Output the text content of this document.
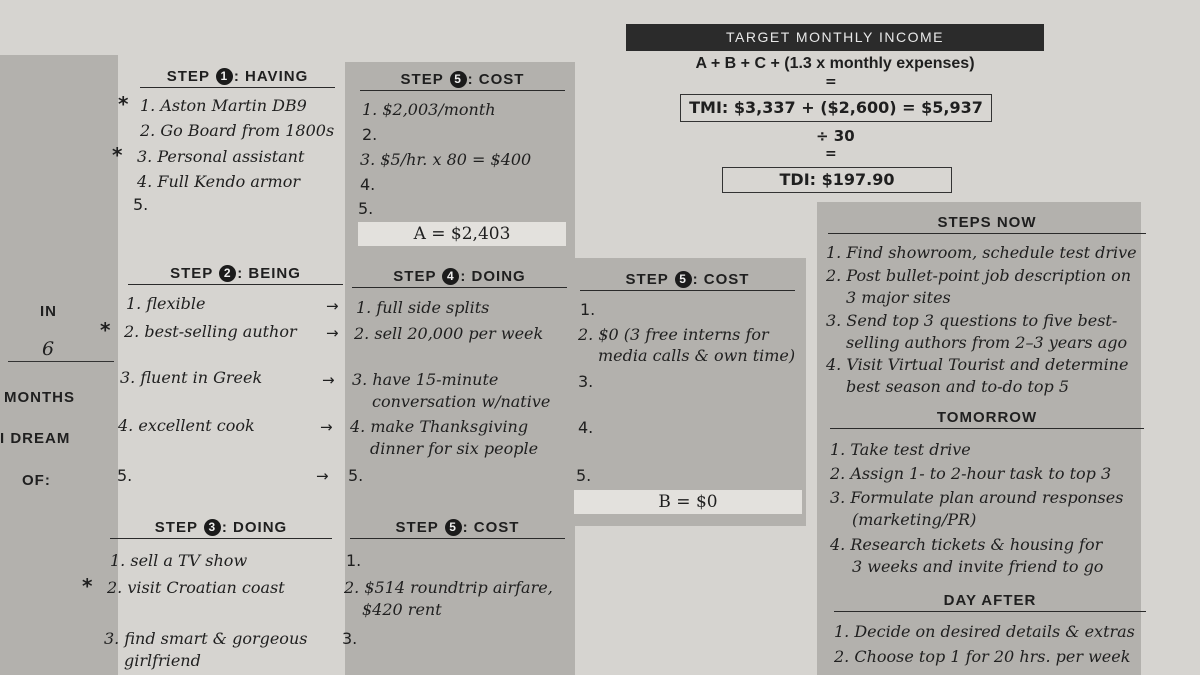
IN
6
MONTHS
I DREAM
OF:
TARGET MONTHLY INCOME
A + B + C + (1.3 x monthly expenses)
=
TMI: $3,337 + ($2,600) = $5,937
÷ 30
=
TDI: $197.90
STEP 1 : HAVING
* 1. Aston Martin DB9
2. Go Board from 1800s
* 3. Personal assistant
4. Full Kendo armor
5.
STEP 5 : COST
1. $2,003/month
2.
3. $5/hr. x 80 = $400
4.
5.
A = $2,403
STEP 2 : BEING
1. flexible
* 2. best-selling author
3. fluent in Greek
4. excellent cook
5.
→
→
→
→
→
STEP 4 : DOING
1. full side splits
2. sell 20,000 per week
3. have 15-minute
conversation w/native
4. make Thanksgiving
dinner for six people
5.
STEP 5 : COST
1.
2. $0 (3 free interns for
media calls & own time)
3.
4.
5.
B = $0
STEP 3 : DOING
1. sell a TV show
* 2. visit Croatian coast
3. find smart & gorgeous
girlfriend
STEP 5 : COST
1.
2. $514 roundtrip airfare,
$420 rent
3.
STEPS NOW
1. Find showroom, schedule test drive
2. Post bullet-point job description on
3 major sites
3. Send top 3 questions to five best-
selling authors from 2–3 years ago
4. Visit Virtual Tourist and determine
best season and to-do top 5
TOMORROW
1. Take test drive
2. Assign 1- to 2-hour task to top 3
3. Formulate plan around responses
(marketing/PR)
4. Research tickets & housing for
3 weeks and invite friend to go
DAY AFTER
1. Decide on desired details & extras
2. Choose top 1 for 20 hrs. per week
